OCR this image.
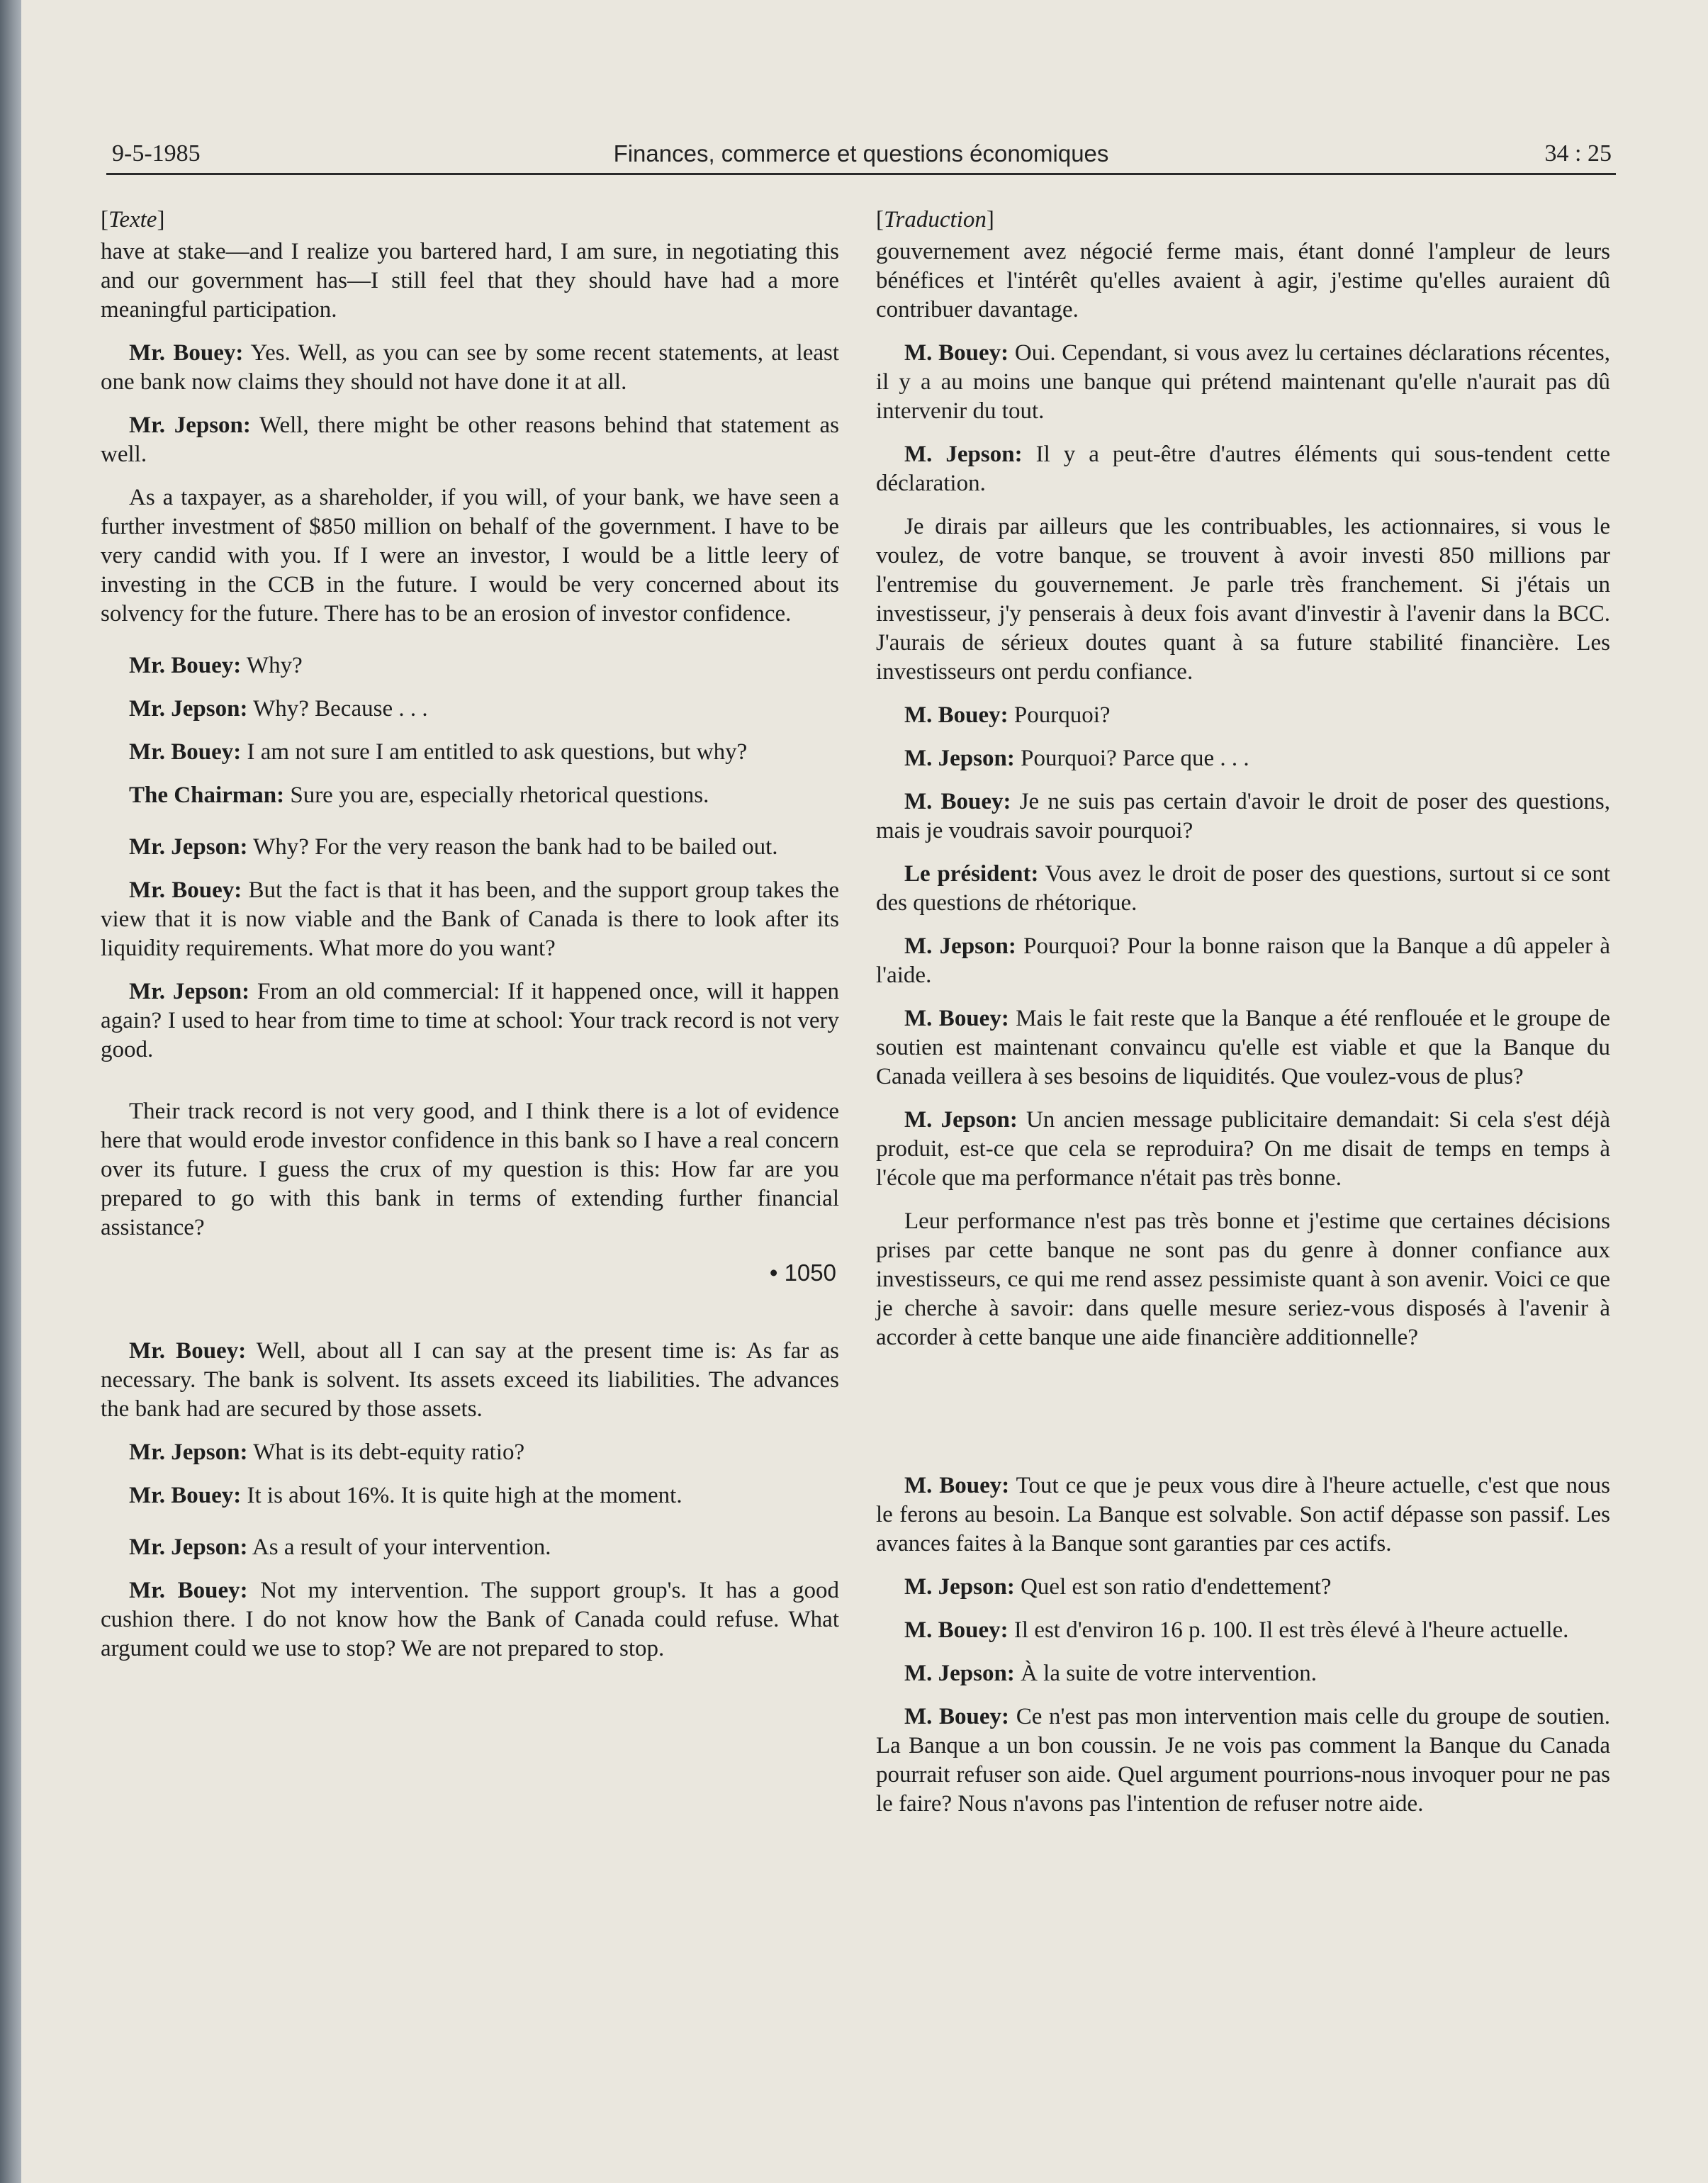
9-5-1985	Finances, commerce et questions économiques	34 : 25
[Texte]

have at stake—and I realize you bartered hard, I am sure, in negotiating this and our government has—I still feel that they should have had a more meaningful participation.

Mr. Bouey: Yes. Well, as you can see by some recent statements, at least one bank now claims they should not have done it at all.

Mr. Jepson: Well, there might be other reasons behind that statement as well.

As a taxpayer, as a shareholder, if you will, of your bank, we have seen a further investment of $850 million on behalf of the government. I have to be very candid with you. If I were an investor, I would be a little leery of investing in the CCB in the future. I would be very concerned about its solvency for the future. There has to be an erosion of investor confidence.

Mr. Bouey: Why?

Mr. Jepson: Why? Because . . .

Mr. Bouey: I am not sure I am entitled to ask questions, but why?

The Chairman: Sure you are, especially rhetorical questions.

Mr. Jepson: Why? For the very reason the bank had to be bailed out.

Mr. Bouey: But the fact is that it has been, and the support group takes the view that it is now viable and the Bank of Canada is there to look after its liquidity requirements. What more do you want?

Mr. Jepson: From an old commercial: If it happened once, will it happen again? I used to hear from time to time at school: Your track record is not very good.

Their track record is not very good, and I think there is a lot of evidence here that would erode investor confidence in this bank so I have a real concern over its future. I guess the crux of my question is this: How far are you prepared to go with this bank in terms of extending further financial assistance?

• 1050

Mr. Bouey: Well, about all I can say at the present time is: As far as necessary. The bank is solvent. Its assets exceed its liabilities. The advances the bank had are secured by those assets.

Mr. Jepson: What is its debt-equity ratio?

Mr. Bouey: It is about 16%. It is quite high at the moment.

Mr. Jepson: As a result of your intervention.

Mr. Bouey: Not my intervention. The support group's. It has a good cushion there. I do not know how the Bank of Canada could refuse. What argument could we use to stop? We are not prepared to stop.

[Traduction]

gouvernement avez négocié ferme mais, étant donné l'ampleur de leurs bénéfices et l'intérêt qu'elles avaient à agir, j'estime qu'elles auraient dû contribuer davantage.

M. Bouey: Oui. Cependant, si vous avez lu certaines déclarations récentes, il y a au moins une banque qui prétend maintenant qu'elle n'aurait pas dû intervenir du tout.

M. Jepson: Il y a peut-être d'autres éléments qui sous-tendent cette déclaration.

Je dirais par ailleurs que les contribuables, les actionnaires, si vous le voulez, de votre banque, se trouvent à avoir investi 850 millions par l'entremise du gouvernement. Je parle très franchement. Si j'étais un investisseur, j'y penserais à deux fois avant d'investir à l'avenir dans la BCC. J'aurais de sérieux doutes quant à sa future stabilité financière. Les investisseurs ont perdu confiance.

M. Bouey: Pourquoi?

M. Jepson: Pourquoi? Parce que . . .

M. Bouey: Je ne suis pas certain d'avoir le droit de poser des questions, mais je voudrais savoir pourquoi?

Le président: Vous avez le droit de poser des questions, surtout si ce sont des questions de rhétorique.

M. Jepson: Pourquoi? Pour la bonne raison que la Banque a dû appeler à l'aide.

M. Bouey: Mais le fait reste que la Banque a été renflouée et le groupe de soutien est maintenant convaincu qu'elle est viable et que la Banque du Canada veillera à ses besoins de liquidités. Que voulez-vous de plus?

M. Jepson: Un ancien message publicitaire demandait: Si cela s'est déjà produit, est-ce que cela se reproduira? On me disait de temps en temps à l'école que ma performance n'était pas très bonne.

Leur performance n'est pas très bonne et j'estime que certaines décisions prises par cette banque ne sont pas du genre à donner confiance aux investisseurs, ce qui me rend assez pessimiste quant à son avenir. Voici ce que je cherche à savoir: dans quelle mesure seriez-vous disposés à l'avenir à accorder à cette banque une aide financière additionnelle?

M. Bouey: Tout ce que je peux vous dire à l'heure actuelle, c'est que nous le ferons au besoin. La Banque est solvable. Son actif dépasse son passif. Les avances faites à la Banque sont garanties par ces actifs.

M. Jepson: Quel est son ratio d'endettement?

M. Bouey: Il est d'environ 16 p. 100. Il est très élevé à l'heure actuelle.

M. Jepson: À la suite de votre intervention.

M. Bouey: Ce n'est pas mon intervention mais celle du groupe de soutien. La Banque a un bon coussin. Je ne vois pas comment la Banque du Canada pourrait refuser son aide. Quel argument pourrions-nous invoquer pour ne pas le faire? Nous n'avons pas l'intention de refuser notre aide.
